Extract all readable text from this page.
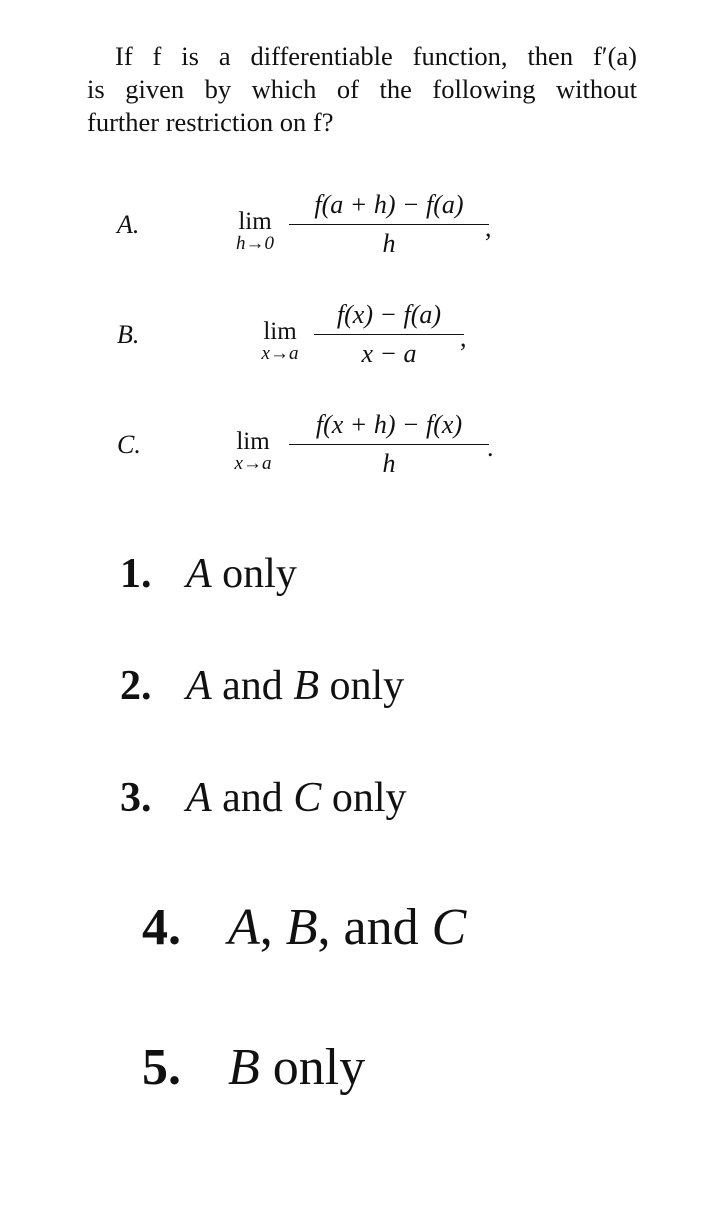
If f is a differentiable function, then f′(a)
is given by which of the following without
further restriction on f?
A.	lim
h→0
f(a + h) − f(a)
h
,
B.	lim
x→a
f(x) − f(a)
x − a
,
C.	lim
x→a
f(x + h) − f(x)
h
.
1. A only
2. A and B only
3. A and C only
4. A, B, and C
5. B only
